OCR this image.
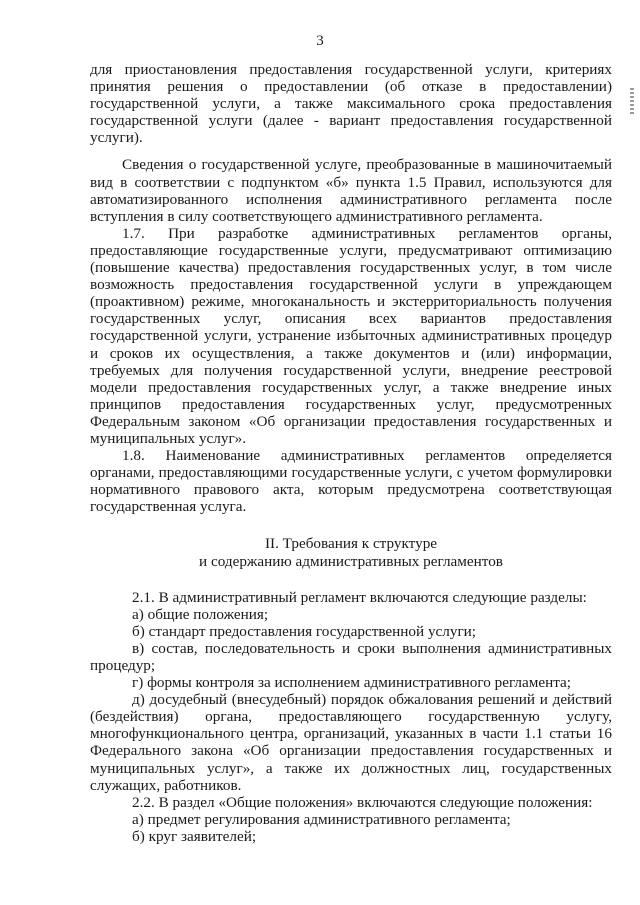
3

для приостановления предоставления государственной услуги, критериях принятия решения о предоставлении (об отказе в предоставлении) государственной услуги, а также максимального срока предоставления государственной услуги (далее - вариант предоставления государственной услуги).

Сведения о государственной услуге, преобразованные в машиночитаемый вид в соответствии с подпунктом «б» пункта 1.5 Правил, используются для автоматизированного исполнения административного регламента после вступления в силу соответствующего административного регламента.

1.7. При разработке административных регламентов органы, предоставляющие государственные услуги, предусматривают оптимизацию (повышение качества) предоставления государственных услуг, в том числе возможность предоставления государственной услуги в упреждающем (проактивном) режиме, многоканальность и экстерриториальность получения государственных услуг, описания всех вариантов предоставления государственной услуги, устранение избыточных административных процедур и сроков их осуществления, а также документов и (или) информации, требуемых для получения государственной услуги, внедрение реестровой модели предоставления государственных услуг, а также внедрение иных принципов предоставления государственных услуг, предусмотренных Федеральным законом «Об организации предоставления государственных и муниципальных услуг».

1.8. Наименование административных регламентов определяется органами, предоставляющими государственные услуги, с учетом формулировки нормативного правового акта, которым предусмотрена соответствующая государственная услуга.

II. Требования к структуре
и содержанию административных регламентов

2.1. В административный регламент включаются следующие разделы:

а) общие положения;

б) стандарт предоставления государственной услуги;

в) состав, последовательность и сроки выполнения административных процедур;

г) формы контроля за исполнением административного регламента;

д) досудебный (внесудебный) порядок обжалования решений и действий (бездействия) органа, предоставляющего государственную услугу, многофункционального центра, организаций, указанных в части 1.1 статьи 16 Федерального закона «Об организации предоставления государственных и муниципальных услуг», а также их должностных лиц, государственных служащих, работников.

2.2. В раздел «Общие положения» включаются следующие положения:

а) предмет регулирования административного регламента;

б) круг заявителей;
